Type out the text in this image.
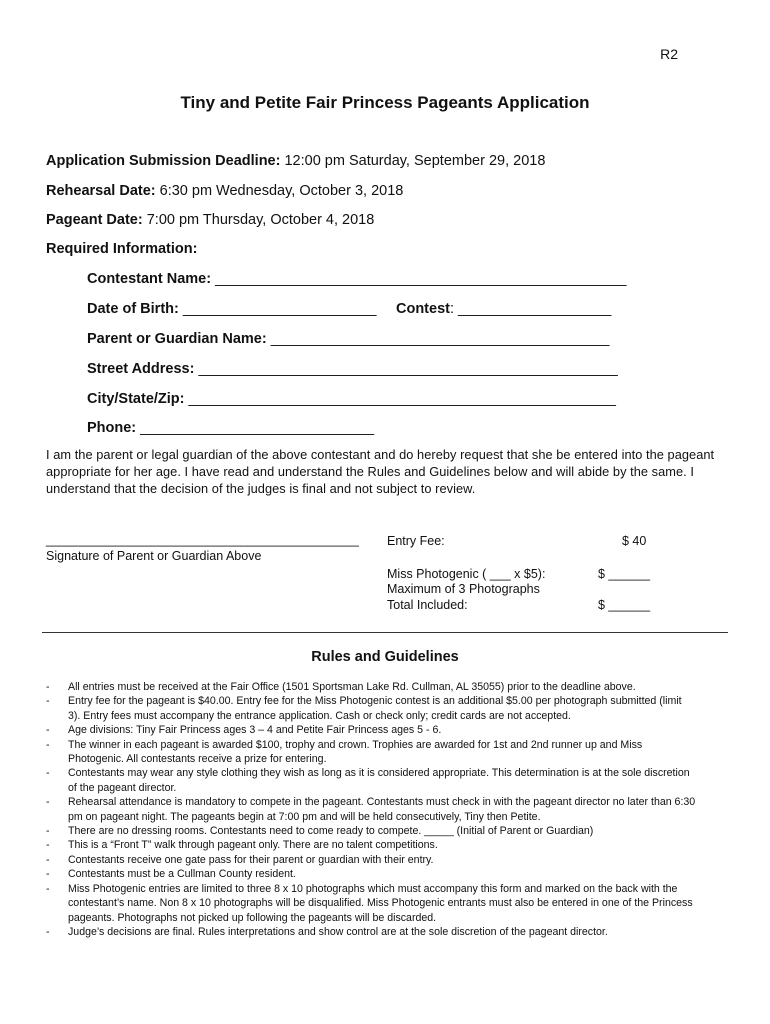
R2
Tiny and Petite Fair Princess Pageants Application
Application Submission Deadline: 12:00 pm Saturday, September 29, 2018
Rehearsal Date: 6:30 pm Wednesday, October 3, 2018
Pageant Date: 7:00 pm Thursday, October 4, 2018
Required Information:
Contestant Name: ___________________________________________________
Date of Birth: ________________________ Contest: ___________________
Parent or Guardian Name: __________________________________________
Street Address: ____________________________________________________
City/State/Zip: _____________________________________________________
Phone: _____________________________
I am the parent or legal guardian of the above contestant and do hereby request that she be entered into the pageant appropriate for her age. I have read and understand the Rules and Guidelines below and will abide by the same. I understand that the decision of the judges is final and not subject to review.
_____________________________________________
Signature of Parent or Guardian Above
Entry Fee:	$ 40
Miss Photogenic ( ___ x $5):	$ ______
Maximum of 3 Photographs
Total Included:	$ ______
Rules and Guidelines
- All entries must be received at the Fair Office (1501 Sportsman Lake Rd. Cullman, AL 35055) prior to the deadline above.
- Entry fee for the pageant is $40.00. Entry fee for the Miss Photogenic contest is an additional $5.00 per photograph submitted (limit 3). Entry fees must accompany the entrance application. Cash or check only; credit cards are not accepted.
- Age divisions: Tiny Fair Princess ages 3 – 4 and Petite Fair Princess ages 5 - 6.
- The winner in each pageant is awarded $100, trophy and crown. Trophies are awarded for 1st and 2nd runner up and Miss Photogenic. All contestants receive a prize for entering.
- Contestants may wear any style clothing they wish as long as it is considered appropriate. This determination is at the sole discretion of the pageant director.
- Rehearsal attendance is mandatory to compete in the pageant. Contestants must check in with the pageant director no later than 6:30 pm on pageant night. The pageants begin at 7:00 pm and will be held consecutively, Tiny then Petite.
- There are no dressing rooms. Contestants need to come ready to compete. _____ (Initial of Parent or Guardian)
- This is a “Front T” walk through pageant only. There are no talent competitions.
- Contestants receive one gate pass for their parent or guardian with their entry.
- Contestants must be a Cullman County resident.
- Miss Photogenic entries are limited to three 8 x 10 photographs which must accompany this form and marked on the back with the contestant’s name. Non 8 x 10 photographs will be disqualified. Miss Photogenic entrants must also be entered in one of the Princess pageants. Photographs not picked up following the pageants will be discarded.
- Judge’s decisions are final. Rules interpretations and show control are at the sole discretion of the pageant director.
